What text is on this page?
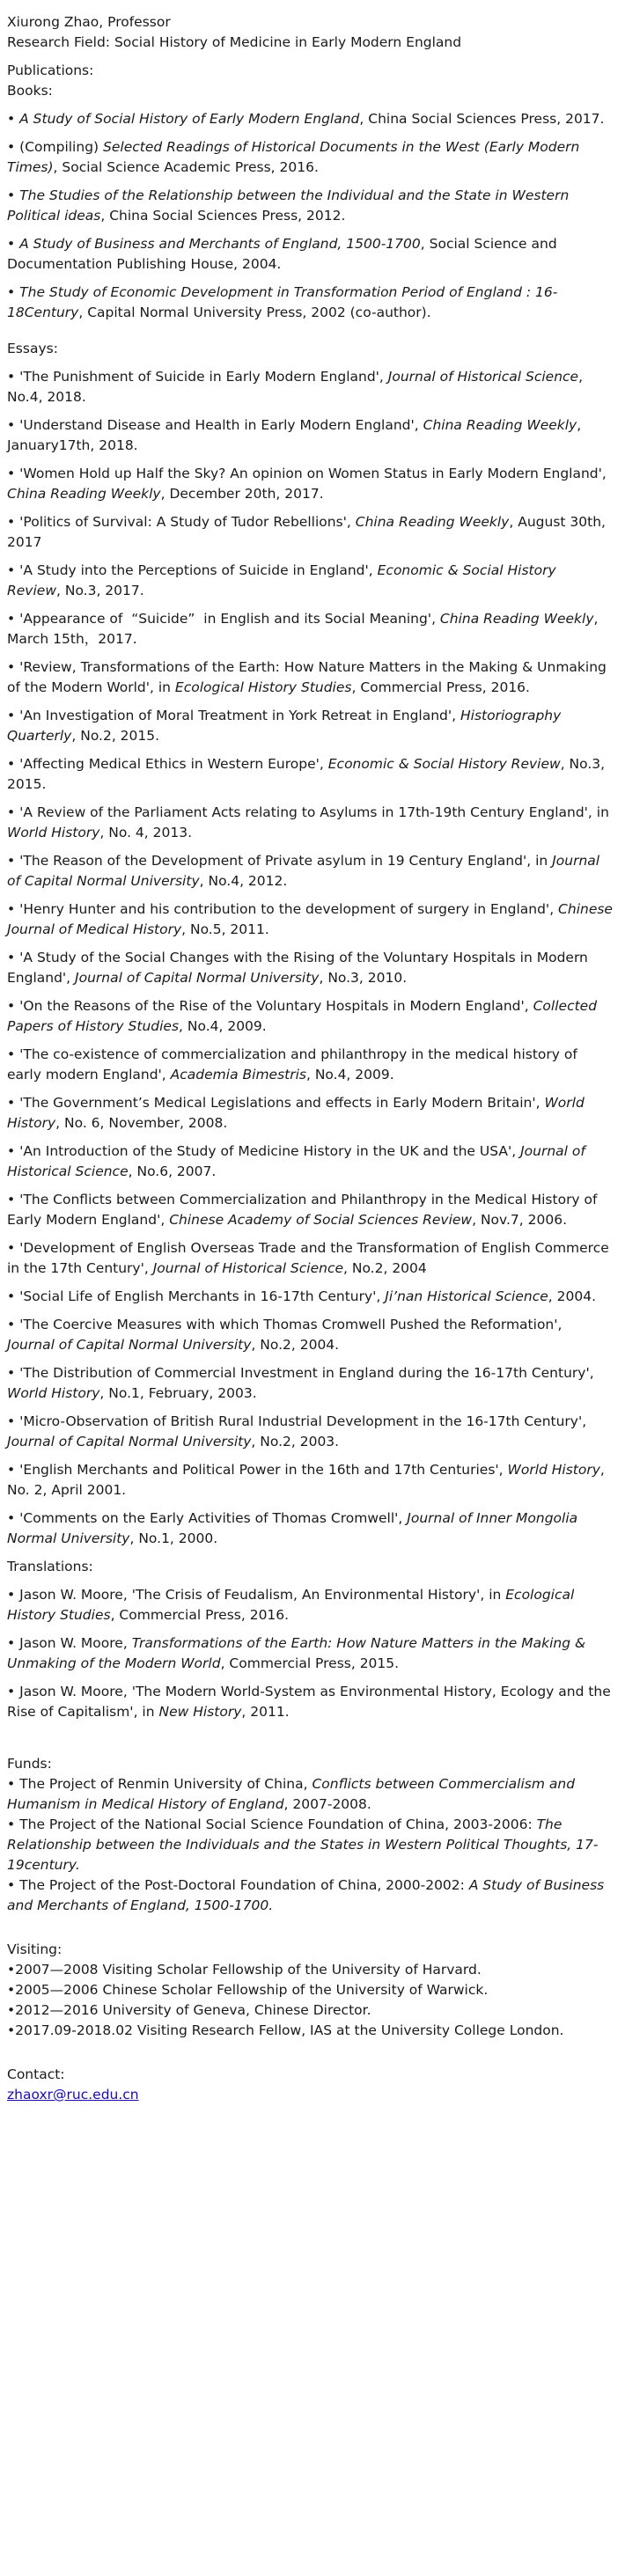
Xiurong Zhao, Professor

Research Field: Social History of Medicine in Early Modern England

Publications:

Books:

• A Study of Social History of Early Modern England, China Social Sciences Press, 2017.

• (Compiling) Selected Readings of Historical Documents in the West (Early Modern Times), Social Science Academic Press, 2016.

• The Studies of the Relationship between the Individual and the State in Western Political ideas, China Social Sciences Press, 2012.

• A Study of Business and Merchants of England, 1500-1700, Social Science and Documentation Publishing House, 2004.

• The Study of Economic Development in Transformation Period of England : 16-18Century, Capital Normal University Press, 2002 (co-author).

Essays:

• 'The Punishment of Suicide in Early Modern England', Journal of Historical Science, No.4, 2018.

• 'Understand Disease and Health in Early Modern England', China Reading Weekly, January17th, 2018.

• 'Women Hold up Half the Sky? An opinion on Women Status in Early Modern England', China Reading Weekly, December 20th, 2017.

• 'Politics of Survival: A Study of Tudor Rebellions', China Reading Weekly, August 30th, 2017

• 'A Study into the Perceptions of Suicide in England', Economic & Social History Review, No.3, 2017.

• 'Appearance of  “Suicide”  in English and its Social Meaning', China Reading Weekly, March 15th，2017.

• 'Review, Transformations of the Earth: How Nature Matters in the Making & Unmaking of the Modern World', in Ecological History Studies, Commercial Press, 2016.

• 'An Investigation of Moral Treatment in York Retreat in England', Historiography Quarterly, No.2, 2015.

• 'Affecting Medical Ethics in Western Europe', Economic & Social History Review, No.3, 2015.

• 'A Review of the Parliament Acts relating to Asylums in 17th-19th Century England', in World History, No. 4, 2013.

• 'The Reason of the Development of Private asylum in 19 Century England', in Journal of Capital Normal University, No.4, 2012.

• 'Henry Hunter and his contribution to the development of surgery in England', Chinese Journal of Medical History, No.5, 2011.

• 'A Study of the Social Changes with the Rising of the Voluntary Hospitals in Modern England', Journal of Capital Normal University, No.3, 2010.

• 'On the Reasons of the Rise of the Voluntary Hospitals in Modern England', Collected Papers of History Studies, No.4, 2009.

• 'The co-existence of commercialization and philanthropy in the medical history of early modern England', Academia Bimestris, No.4, 2009.

• 'The Government’s Medical Legislations and effects in Early Modern Britain', World History, No. 6, November, 2008.

• 'An Introduction of the Study of Medicine History in the UK and the USA', Journal of Historical Science, No.6, 2007.

• 'The Conflicts between Commercialization and Philanthropy in the Medical History of Early Modern England', Chinese Academy of Social Sciences Review, Nov.7, 2006.

• 'Development of English Overseas Trade and the Transformation of English Commerce in the 17th Century', Journal of Historical Science, No.2, 2004

• 'Social Life of English Merchants in 16-17th Century', Ji’nan Historical Science, 2004.

• 'The Coercive Measures with which Thomas Cromwell Pushed the Reformation', Journal of Capital Normal University, No.2, 2004.

• 'The Distribution of Commercial Investment in England during the 16-17th Century', World History, No.1, February, 2003.

• 'Micro-Observation of British Rural Industrial Development in the 16-17th Century', Journal of Capital Normal University, No.2, 2003.

• 'English Merchants and Political Power in the 16th and 17th Centuries', World History, No. 2, April 2001.

• 'Comments on the Early Activities of Thomas Cromwell', Journal of Inner Mongolia Normal University, No.1, 2000.

Translations:

• Jason W. Moore, 'The Crisis of Feudalism, An Environmental History', in Ecological History Studies, Commercial Press, 2016.

• Jason W. Moore, Transformations of the Earth: How Nature Matters in the Making & Unmaking of the Modern World, Commercial Press, 2015.

• Jason W. Moore, 'The Modern World-System as Environmental History, Ecology and the Rise of Capitalism', in New History, 2011.

Funds:

• The Project of Renmin University of China, Conflicts between Commercialism and Humanism in Medical History of England, 2007-2008.

• The Project of the National Social Science Foundation of China, 2003-2006: The Relationship between the Individuals and the States in Western Political Thoughts, 17-19century.

• The Project of the Post-Doctoral Foundation of China, 2000-2002: A Study of Business and Merchants of England, 1500-1700.

Visiting:

•2007—2008 Visiting Scholar Fellowship of the University of Harvard.

•2005—2006 Chinese Scholar Fellowship of the University of Warwick.

•2012—2016 University of Geneva, Chinese Director.

•2017.09-2018.02 Visiting Research Fellow, IAS at the University College London.

Contact:

zhaoxr@ruc.edu.cn
